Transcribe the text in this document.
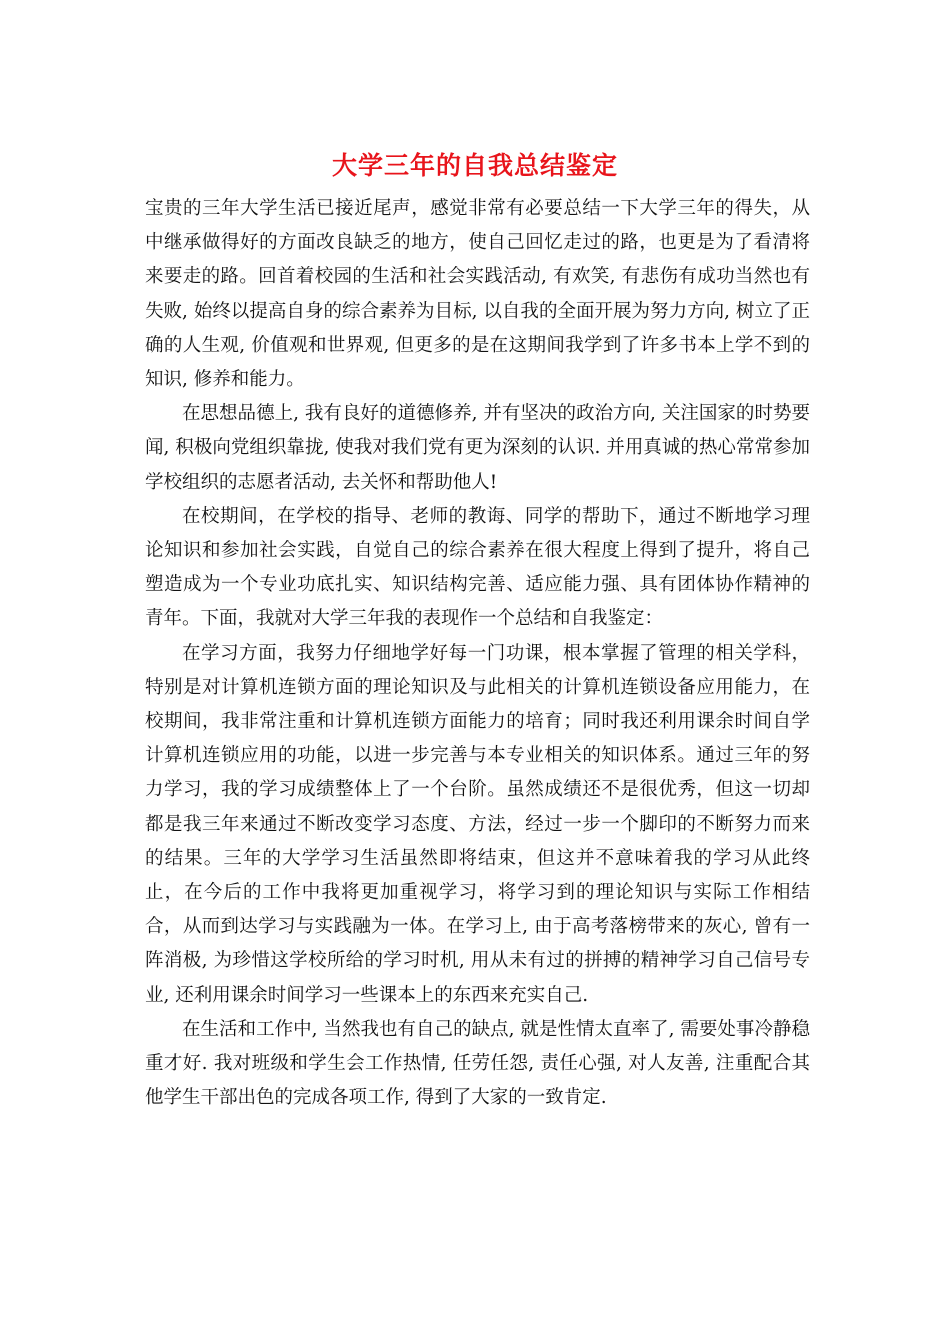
大学三年的自我总结鉴定

宝贵的三年大学生活已接近尾声，感觉非常有必要总结一下大学三年的得失，从中继承做得好的方面改良缺乏的地方，使自己回忆走过的路，也更是为了看清将来要走的路。回首着校园的生活和社会实践活动, 有欢笑, 有悲伤有成功当然也有失败, 始终以提高自身的综合素养为目标, 以自我的全面开展为努力方向, 树立了正确的人生观, 价值观和世界观, 但更多的是在这期间我学到了许多书本上学不到的知识, 修养和能力。

在思想品德上, 我有良好的道德修养, 并有坚决的政治方向, 关注国家的时势要闻, 积极向党组织靠拢, 使我对我们党有更为深刻的认识. 并用真诚的热心常常参加学校组织的志愿者活动, 去关怀和帮助他人!

在校期间，在学校的指导、老师的教诲、同学的帮助下，通过不断地学习理论知识和参加社会实践，自觉自己的综合素养在很大程度上得到了提升，将自己塑造成为一个专业功底扎实、知识结构完善、适应能力强、具有团体协作精神的青年。下面，我就对大学三年我的表现作一个总结和自我鉴定：

在学习方面，我努力仔细地学好每一门功课，根本掌握了管理的相关学科，特别是对计算机连锁方面的理论知识及与此相关的计算机连锁设备应用能力，在校期间，我非常注重和计算机连锁方面能力的培育；同时我还利用课余时间自学计算机连锁应用的功能，以进一步完善与本专业相关的知识体系。通过三年的努力学习，我的学习成绩整体上了一个台阶。虽然成绩还不是很优秀，但这一切却都是我三年来通过不断改变学习态度、方法，经过一步一个脚印的不断努力而来的结果。三年的大学学习生活虽然即将结束，但这并不意味着我的学习从此终止，在今后的工作中我将更加重视学习，将学习到的理论知识与实际工作相结合，从而到达学习与实践融为一体。在学习上, 由于高考落榜带来的灰心, 曾有一阵消极, 为珍惜这学校所给的学习时机, 用从未有过的拼搏的精神学习自己信号专业, 还利用课余时间学习一些课本上的东西来充实自己.

在生活和工作中, 当然我也有自己的缺点, 就是性情太直率了, 需要处事冷静稳重才好. 我对班级和学生会工作热情, 任劳任怨, 责任心强, 对人友善, 注重配合其他学生干部出色的完成各项工作, 得到了大家的一致肯定.
